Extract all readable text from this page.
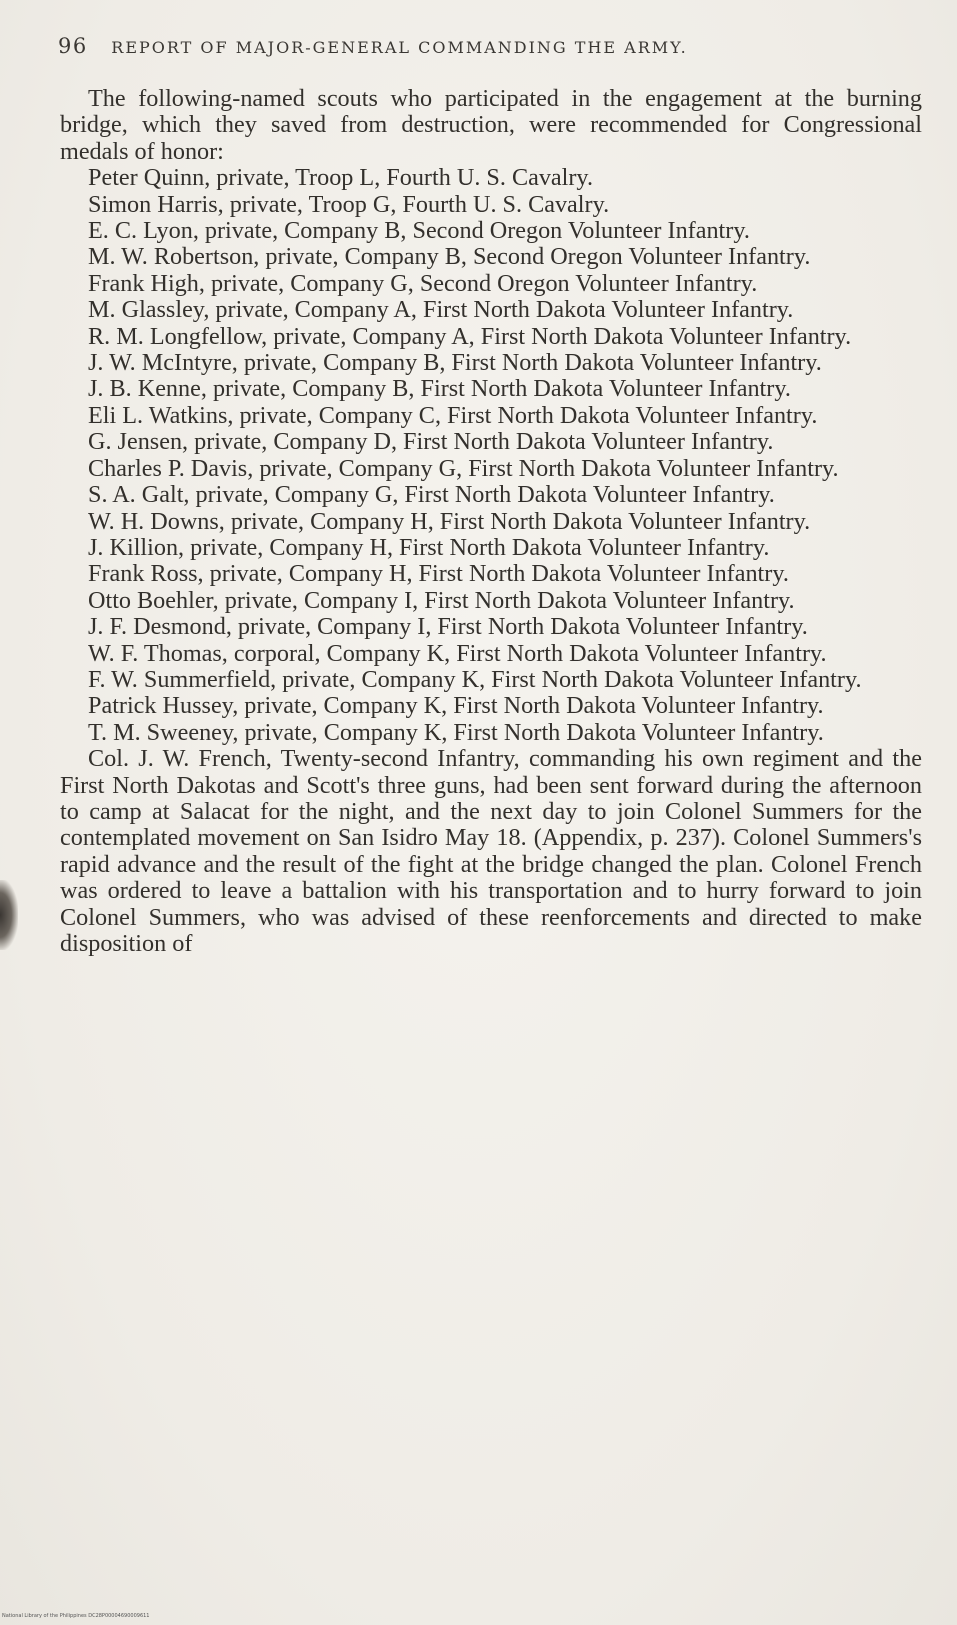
96 REPORT OF MAJOR-GENERAL COMMANDING THE ARMY.

The following-named scouts who participated in the engagement at the burning bridge, which they saved from destruction, were recommended for Congressional medals of honor:

Peter Quinn, private, Troop L, Fourth U. S. Cavalry.

Simon Harris, private, Troop G, Fourth U. S. Cavalry.

E. C. Lyon, private, Company B, Second Oregon Volunteer Infantry.

M. W. Robertson, private, Company B, Second Oregon Volunteer Infantry.

Frank High, private, Company G, Second Oregon Volunteer Infantry.

M. Glassley, private, Company A, First North Dakota Volunteer Infantry.

R. M. Longfellow, private, Company A, First North Dakota Volunteer Infantry.

J. W. McIntyre, private, Company B, First North Dakota Volunteer Infantry.

J. B. Kenne, private, Company B, First North Dakota Volunteer Infantry.

Eli L. Watkins, private, Company C, First North Dakota Volunteer Infantry.

G. Jensen, private, Company D, First North Dakota Volunteer Infantry.

Charles P. Davis, private, Company G, First North Dakota Volunteer Infantry.

S. A. Galt, private, Company G, First North Dakota Volunteer Infantry.

W. H. Downs, private, Company H, First North Dakota Volunteer Infantry.

J. Killion, private, Company H, First North Dakota Volunteer Infantry.

Frank Ross, private, Company H, First North Dakota Volunteer Infantry.

Otto Boehler, private, Company I, First North Dakota Volunteer Infantry.

J. F. Desmond, private, Company I, First North Dakota Volunteer Infantry.

W. F. Thomas, corporal, Company K, First North Dakota Volunteer Infantry.

F. W. Summerfield, private, Company K, First North Dakota Volunteer Infantry.

Patrick Hussey, private, Company K, First North Dakota Volunteer Infantry.

T. M. Sweeney, private, Company K, First North Dakota Volunteer Infantry.

Col. J. W. French, Twenty-second Infantry, commanding his own regiment and the First North Dakotas and Scott's three guns, had been sent forward during the afternoon to camp at Salacat for the night, and the next day to join Colonel Summers for the contemplated movement on San Isidro May 18. (Appendix, p. 237). Colonel Summers's rapid advance and the result of the fight at the bridge changed the plan. Colonel French was ordered to leave a battalion with his transportation and to hurry forward to join Colonel Summers, who was advised of these reenforcements and directed to make disposition of

National Library of the Philippines DC28P00004690009611
